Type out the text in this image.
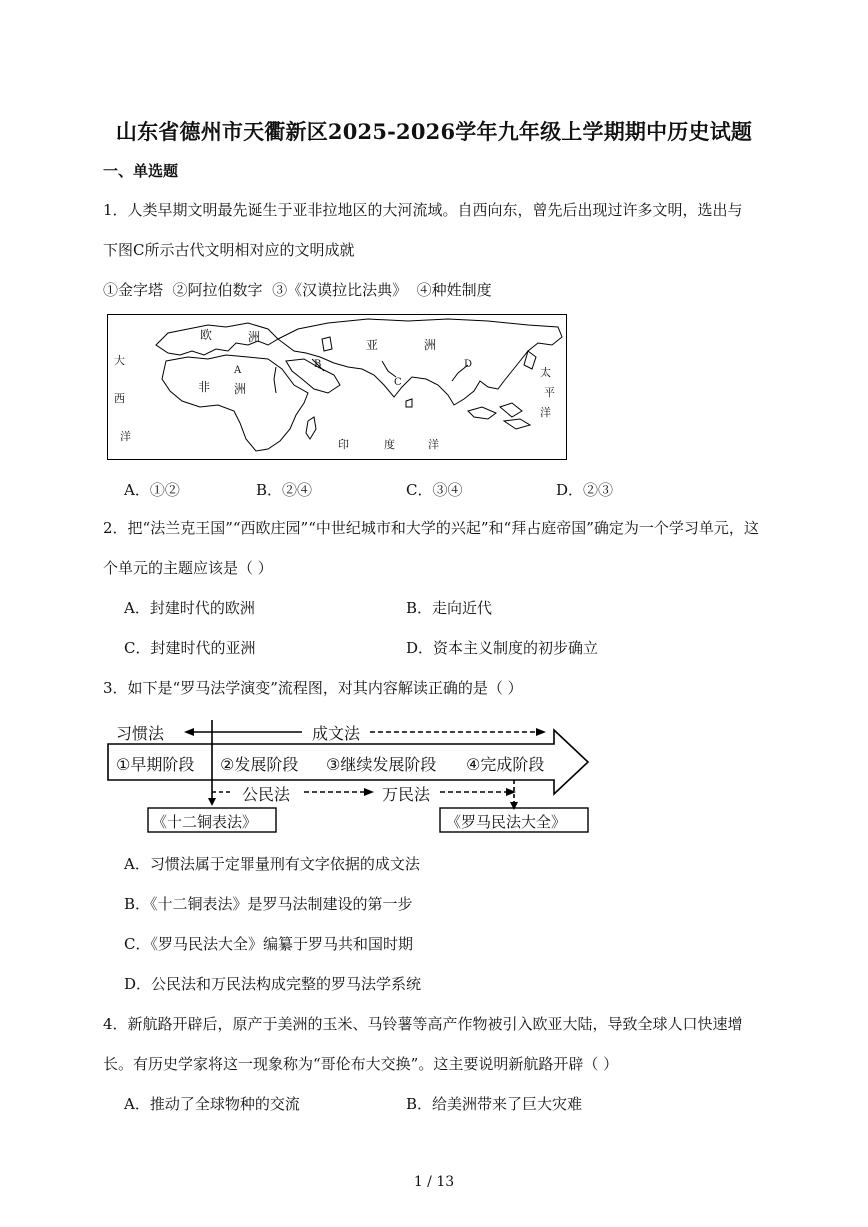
山东省德州市天衢新区2025-2026学年九年级上学期期中历史试题
一、单选题
1．人类早期文明最先诞生于亚非拉地区的大河流域。自西向东，曾先后出现过许多文明，选出与
下图C所示古代文明相对应的文明成就
①金字塔  ②阿拉伯数字  ③《汉谟拉比法典》  ④种姓制度
欧	洲
亚	洲
非 洲
大
西
洋
印	度	洋
太
平
洋
A
B
C
D
A．①②	B．②④	C．③④	D．②③
2．把“法兰克王国”“西欧庄园”“中世纪城市和大学的兴起”和“拜占庭帝国”确定为一个学习单元，这
个单元的主题应该是（ ）
A．封建时代的欧洲	B．走向近代
C．封建时代的亚洲	D．资本主义制度的初步确立
3．如下是“罗马法学演变”流程图，对其内容解读正确的是（ ）
习惯法	成文法
①早期阶段 ②发展阶段 ③继续发展阶段 ④完成阶段
公民法	万民法
《十二铜表法》	《罗马民法大全》
A．习惯法属于定罪量刑有文字依据的成文法
B．《十二铜表法》是罗马法制建设的第一步
C．《罗马民法大全》编纂于罗马共和国时期
D．公民法和万民法构成完整的罗马法学系统
4．新航路开辟后，原产于美洲的玉米、马铃薯等高产作物被引入欧亚大陆，导致全球人口快速增
长。有历史学家将这一现象称为“哥伦布大交换”。这主要说明新航路开辟（ ）
A．推动了全球物种的交流	B．给美洲带来了巨大灾难
1 / 13
